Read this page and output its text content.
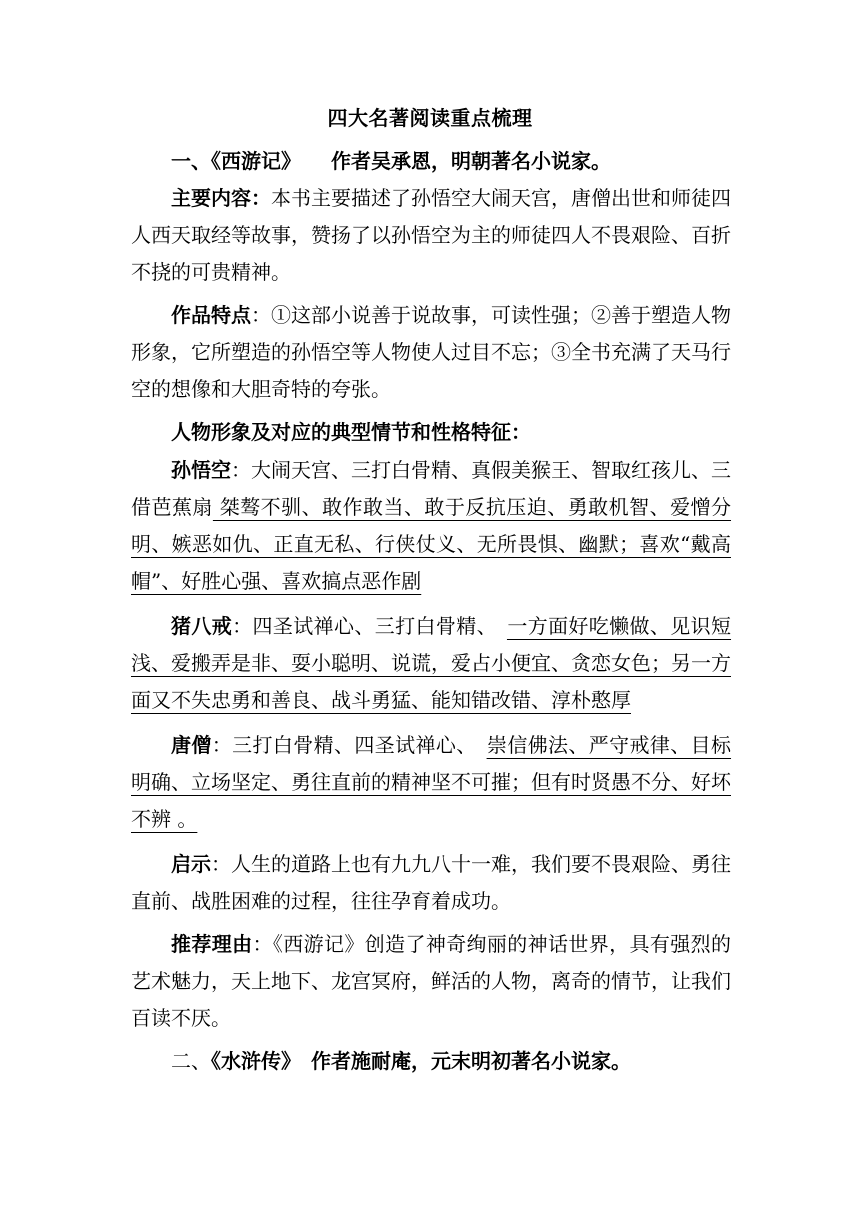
四大名著阅读重点梳理
一、《西游记》 作者吴承恩，明朝著名小说家。
主要内容：本书主要描述了孙悟空大闹天宫，唐僧出世和师徒四人西天取经等故事，赞扬了以孙悟空为主的师徒四人不畏艰险、百折不挠的可贵精神。
作品特点：①这部小说善于说故事，可读性强；②善于塑造人物形象，它所塑造的孙悟空等人物使人过目不忘；③全书充满了天马行空的想像和大胆奇特的夸张。
人物形象及对应的典型情节和性格特征：
孙悟空：大闹天宫、三打白骨精、真假美猴王、智取红孩儿、三借芭蕉扇 桀骜不驯、敢作敢当、敢于反抗压迫、勇敢机智、爱憎分明、嫉恶如仇、正直无私、行侠仗义、无所畏惧、幽默；喜欢“戴高帽”、好胜心强、喜欢搞点恶作剧
猪八戒：四圣试禅心、三打白骨精、 一方面好吃懒做、见识短浅、爱搬弄是非、耍小聪明、说谎，爱占小便宜、贪恋女色；另一方面又不失忠勇和善良、战斗勇猛、能知错改错、淳朴憨厚
唐僧：三打白骨精、四圣试禅心、 崇信佛法、严守戒律、目标明确、立场坚定、勇往直前的精神坚不可摧；但有时贤愚不分、好坏不辨 。
启示：人生的道路上也有九九八十一难，我们要不畏艰险、勇往直前、战胜困难的过程，往往孕育着成功。
推荐理由：《西游记》创造了神奇绚丽的神话世界，具有强烈的艺术魅力，天上地下、龙宫冥府，鲜活的人物，离奇的情节，让我们百读不厌。
二、《水浒传》 作者施耐庵，元末明初著名小说家。
